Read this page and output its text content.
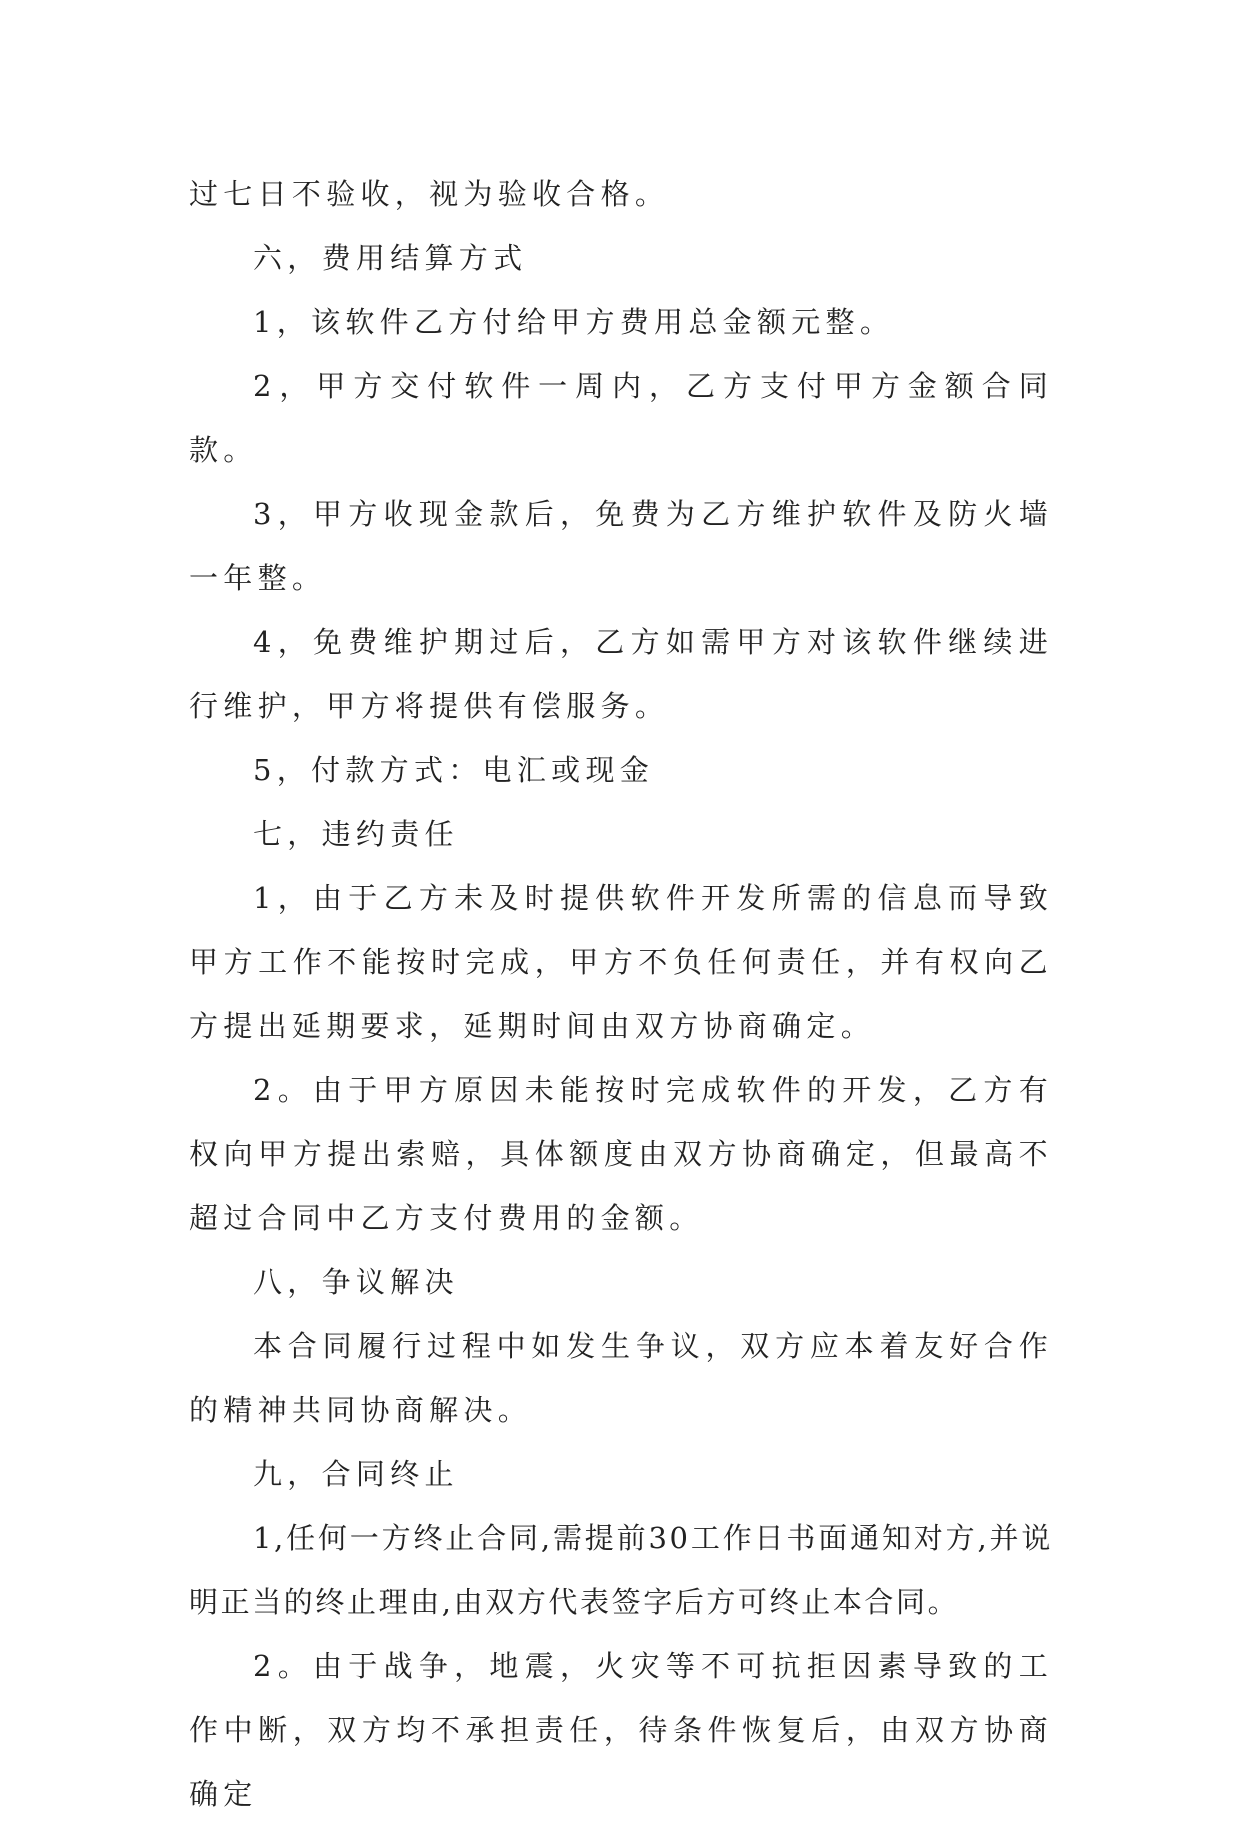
过七日不验收，视为验收合格。

六，费用结算方式

1，该软件乙方付给甲方费用总金额元整。

2，甲方交付软件一周内，乙方支付甲方金额合同款。

3，甲方收现金款后，免费为乙方维护软件及防火墙一年整。

4，免费维护期过后，乙方如需甲方对该软件继续进行维护，甲方将提供有偿服务。

5，付款方式：电汇或现金

七，违约责任

1，由于乙方未及时提供软件开发所需的信息而导致甲方工作不能按时完成，甲方不负任何责任，并有权向乙方提出延期要求，延期时间由双方协商确定。

2。由于甲方原因未能按时完成软件的开发，乙方有权向甲方提出索赔，具体额度由双方协商确定，但最高不超过合同中乙方支付费用的金额。

八，争议解决

本合同履行过程中如发生争议，双方应本着友好合作的精神共同协商解决。

九，合同终止

1,任何一方终止合同,需提前30工作日书面通知对方,并说明正当的终止理由,由双方代表签字后方可终止本合同。

2。由于战争，地震，火灾等不可抗拒因素导致的工作中断，双方均不承担责任，待条件恢复后，由双方协商确定
